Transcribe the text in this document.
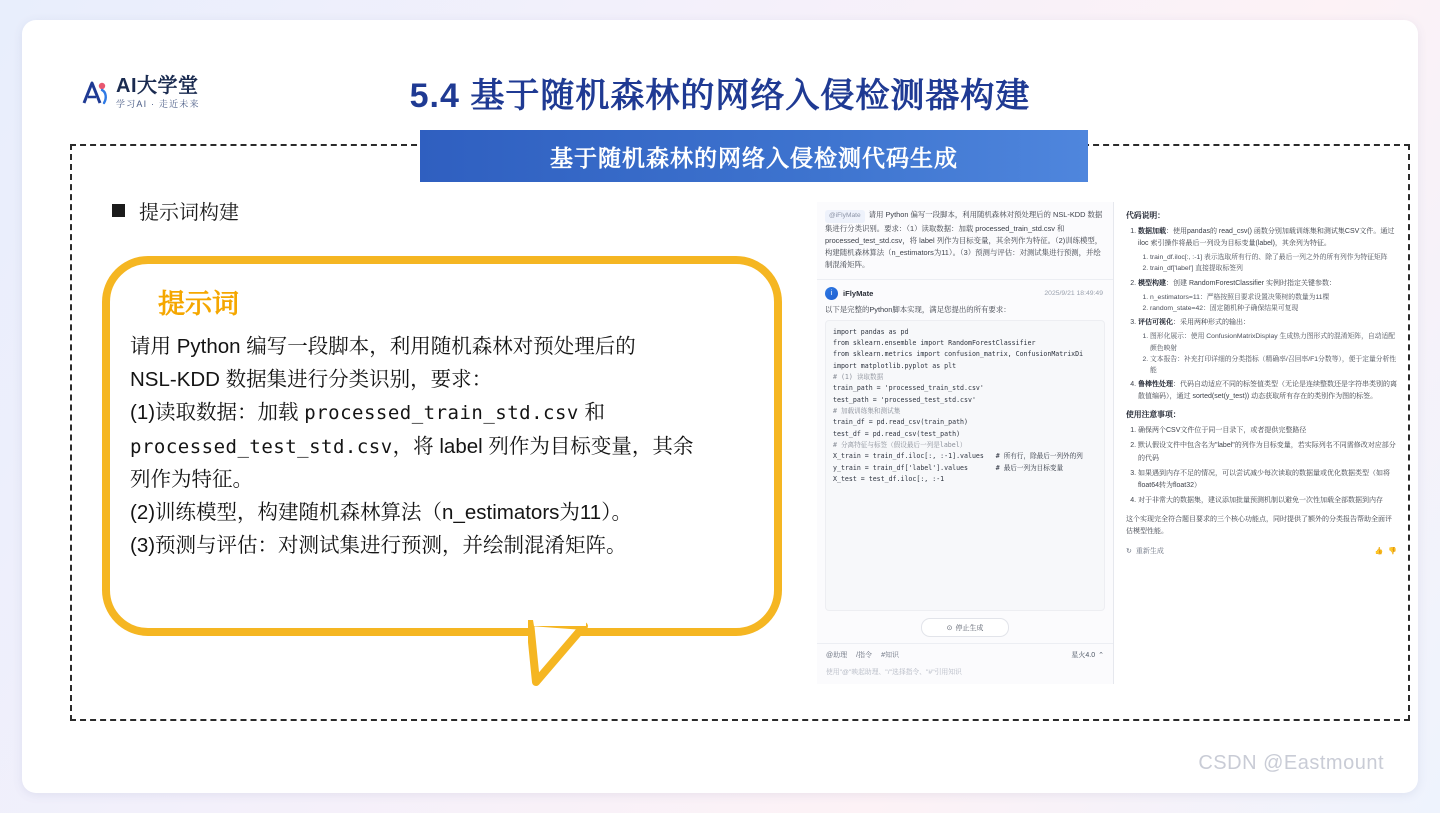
AI大学堂
学习AI · 走近未来	5.4 基于随机森林的网络入侵检测器构建
基于随机森林的网络入侵检测代码生成
提示词构建
提示词
请用 Python 编写一段脚本，利用随机森林对预处理后的
NSL-KDD 数据集进行分类识别，要求：
(1)读取数据：加载 processed_train_std.csv 和
processed_test_std.csv，将 label 列作为目标变量，其余
列作为特征。
(2)训练模型，构建随机森林算法（n_estimators为11）。
(3)预测与评估：对测试集进行预测，并绘制混淆矩阵。
@iFlyMate 请用 Python 偏写一段脚本，利用随机森林对预处理后的 NSL-KDD 数据集进行分类识别。要求：（1）读取数据：加载 processed_train_std.csv 和 processed_test_std.csv，将 label 列作为目标变量，其余列作为特征。（2)训练模型，构建随机森林算法（n_estimators为11）。（3）预测与评估：对测试集进行预测，并绘制混淆矩阵。
i	iFlyMate	2025/9/21 18:49:49
以下是完整的Python脚本实现，满足您提出的所有要求：
import pandas as pd
from sklearn.ensemble import RandomForestClassifier
from sklearn.metrics import confusion_matrix, ConfusionMatrixDi
import matplotlib.pyplot as plt
# (1) 读取数据
train_path = 'processed_train_std.csv'
test_path = 'processed_test_std.csv'
# 加载训练集和测试集
train_df = pd.read_csv(train_path)
test_df = pd.read_csv(test_path)
# 分离特征与标签（假设最后一列是label）
X_train = train_df.iloc[:, :-1].values   # 所有行，除最后一列外的列
y_train = train_df['label'].values       # 最后一列为目标变量
X_test = test_df.iloc[:, :-1
⊙ 停止生成
@助理 /指令 #知识	星火4.0 ⌃
使用"@"映起助理、"/"选择指令、"#"引用知识
代码说明：
1. 数据加载：使用pandas的 read_csv() 函数分别加载训练集和测试集CSV文件。通过 iloc 索引操作将最后一列设为目标变量(label)，其余列为特征。
1. train_df.iloc[:, :-1] 表示选取所有行的、除了最后一列之外的所有列作为特征矩阵
2. train_df['label'] 直接提取标签列
2. 模型构建：创建 RandomForestClassifier 实例时指定关键参数：
1. n_estimators=11：严格按照目要求设置决策树的数量为11棵
2. random_state=42：固定随机种子确保结果可复现
3. 评估可视化：采用两种形式的输出：
1. 图形化展示：使用 ConfusionMatrixDisplay 生成热力图形式的混淆矩阵，自动适配颜色映射
2. 文本报告：补充打印详细的分类指标（精确率/召回率/F1分数等），便于定量分析性能
4. 鲁棒性处理：代码自动适应不同的标签值类型（无论是连续整数还是字符串类别的离散值编码），通过 sorted(set(y_test)) 动态获取所有存在的类别作为图的标签。
使用注意事项：
1. 确保两个CSV文件位于同一目录下，或者提供完整路径
2. 默认假设文件中包含名为"label"的列作为目标变量，若实际列名不同需修改对应部分的代码
3. 如果遇到内存不足的情况，可以尝试减少每次读取的数据量或优化数据类型（如将float64转为float32）
4. 对于非常大的数据集，建议添加批量预测机制以避免一次性加载全部数据到内存
这个实现完全符合题目要求的三个核心功能点，同时提供了额外的分类报告帮助全面评估模型性能。
↻ 重新生成	👍 👎
CSDN @Eastmount
